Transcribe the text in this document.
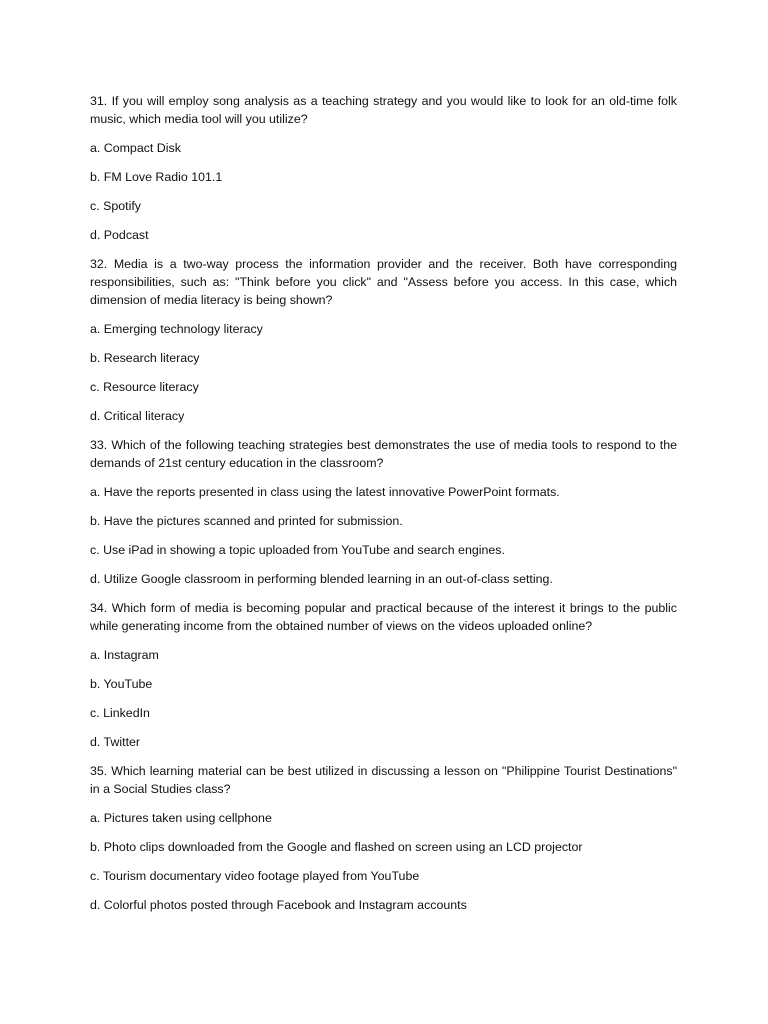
31. If you will employ song analysis as a teaching strategy and you would like to look for an old-time folk music, which media tool will you utilize?

a. Compact Disk

b. FM Love Radio 101.1

c. Spotify

d. Podcast

32. Media is a two-way process the information provider and the receiver. Both have corresponding responsibilities, such as: "Think before you click" and "Assess before you access. In this case, which dimension of media literacy is being shown?

a. Emerging technology literacy

b. Research literacy

c. Resource literacy

d. Critical literacy

33. Which of the following teaching strategies best demonstrates the use of media tools to respond to the demands of 21st century education in the classroom?

a. Have the reports presented in class using the latest innovative PowerPoint formats.

b. Have the pictures scanned and printed for submission.

c. Use iPad in showing a topic uploaded from YouTube and search engines.

d. Utilize Google classroom in performing blended learning in an out-of-class setting.

34. Which form of media is becoming popular and practical because of the interest it brings to the public while generating income from the obtained number of views on the videos uploaded online?

a. Instagram

b. YouTube

c. LinkedIn

d. Twitter

35. Which learning material can be best utilized in discussing a lesson on "Philippine Tourist Destinations" in a Social Studies class?

a. Pictures taken using cellphone

b. Photo clips downloaded from the Google and flashed on screen using an LCD projector

c. Tourism documentary video footage played from YouTube

d. Colorful photos posted through Facebook and Instagram accounts
